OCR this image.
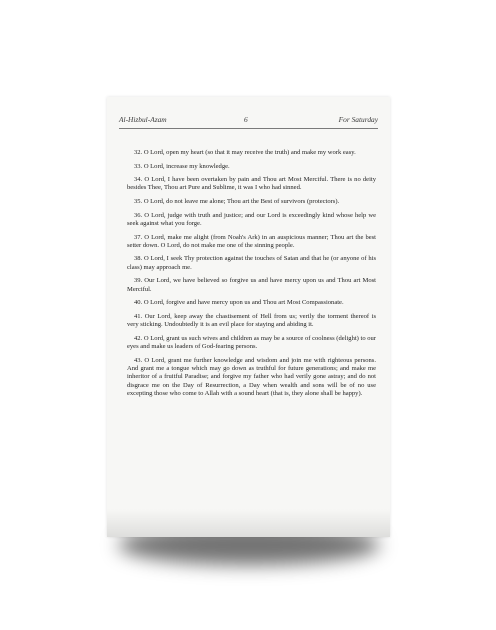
Al-Hizbul-Azam	6	For Saturday

32. O Lord, open my heart (so that it may receive the truth) and make my work easy.

33. O Lord, increase my knowledge.

34. O Lord, I have been overtaken by pain and Thou art Most Merciful. There is no deity besides Thee, Thou art Pure and Sublime, it was I who had sinned.

35. O Lord, do not leave me alone; Thou art the Best of survivors (protectors).

36. O Lord, judge with truth and justice; and our Lord is exceedingly kind whose help we seek against what you forge.

37. O Lord, make me alight (from Noah's Ark) in an auspicious manner; Thou art the best setter down. O Lord, do not make me one of the sinning people.

38. O Lord, I seek Thy protection against the touches of Satan and that he (or anyone of his class) may approach me.

39. Our Lord, we have believed so forgive us and have mercy upon us and Thou art Most Merciful.

40. O Lord, forgive and have mercy upon us and Thou art Most Compassionate.

41. Our Lord, keep away the chastisement of Hell from us; verily the torment thereof is very sticking. Undoubtedly it is an evil place for staying and abiding it.

42. O Lord, grant us such wives and children as may be a source of coolness (delight) to our eyes and make us leaders of God-fearing persons.

43. O Lord, grant me further knowledge and wisdom and join me with righteous persons. And grant me a tongue which may go down as truthful for future generations; and make me inheritor of a fruitful Paradise; and forgive my father who had verily gone astray; and do not disgrace me on the Day of Resurrection, a Day when wealth and sons will be of no use excepting those who come to Allah with a sound heart (that is, they alone shall be happy).
